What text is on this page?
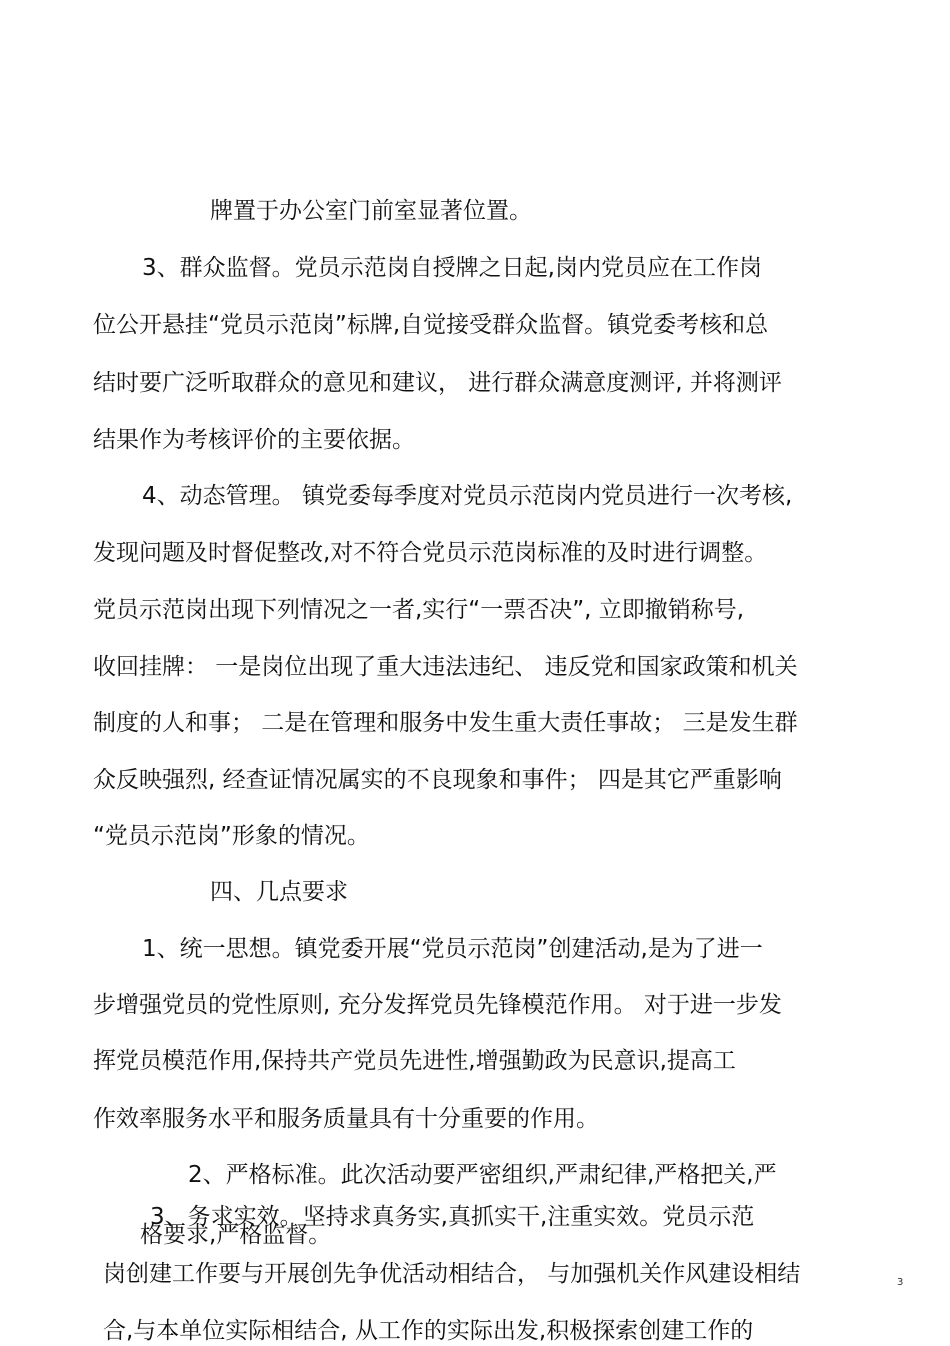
牌置于办公室门前室显著位置。
3、群众监督。党员示范岗自授牌之日起,岗内党员应在工作岗
位公开悬挂“党员示范岗”标牌,自觉接受群众监督。镇党委考核和总
结时要广泛听取群众的意见和建议， 进行群众满意度测评, 并将测评
结果作为考核评价的主要依据。
4、动态管理。 镇党委每季度对党员示范岗内党员进行一次考核,
发现问题及时督促整改,对不符合党员示范岗标准的及时进行调整。
党员示范岗出现下列情况之一者,实行“一票否决”, 立即撤销称号,
收回挂牌： 一是岗位出现了重大违法违纪、 违反党和国家政策和机关
制度的人和事； 二是在管理和服务中发生重大责任事故； 三是发生群
众反映强烈, 经查证情况属实的不良现象和事件； 四是其它严重影响
“党员示范岗”形象的情况。
四、几点要求
1、统一思想。镇党委开展“党员示范岗”创建活动,是为了进一
步增强党员的党性原则, 充分发挥党员先锋模范作用。 对于进一步发
挥党员模范作用,保持共产党员先进性,增强勤政为民意识,提高工
作效率服务水平和服务质量具有十分重要的作用。
2、严格标准。此次活动要严密组织,严肃纪律,严格把关,严
3、务求实效。坚持求真务实,真抓实干,注重实效。党员示范
格要求,严格监督。
岗创建工作要与开展创先争优活动相结合， 与加强机关作风建设相结
合,与本单位实际相结合, 从工作的实际出发,积极探索创建工作的
3
